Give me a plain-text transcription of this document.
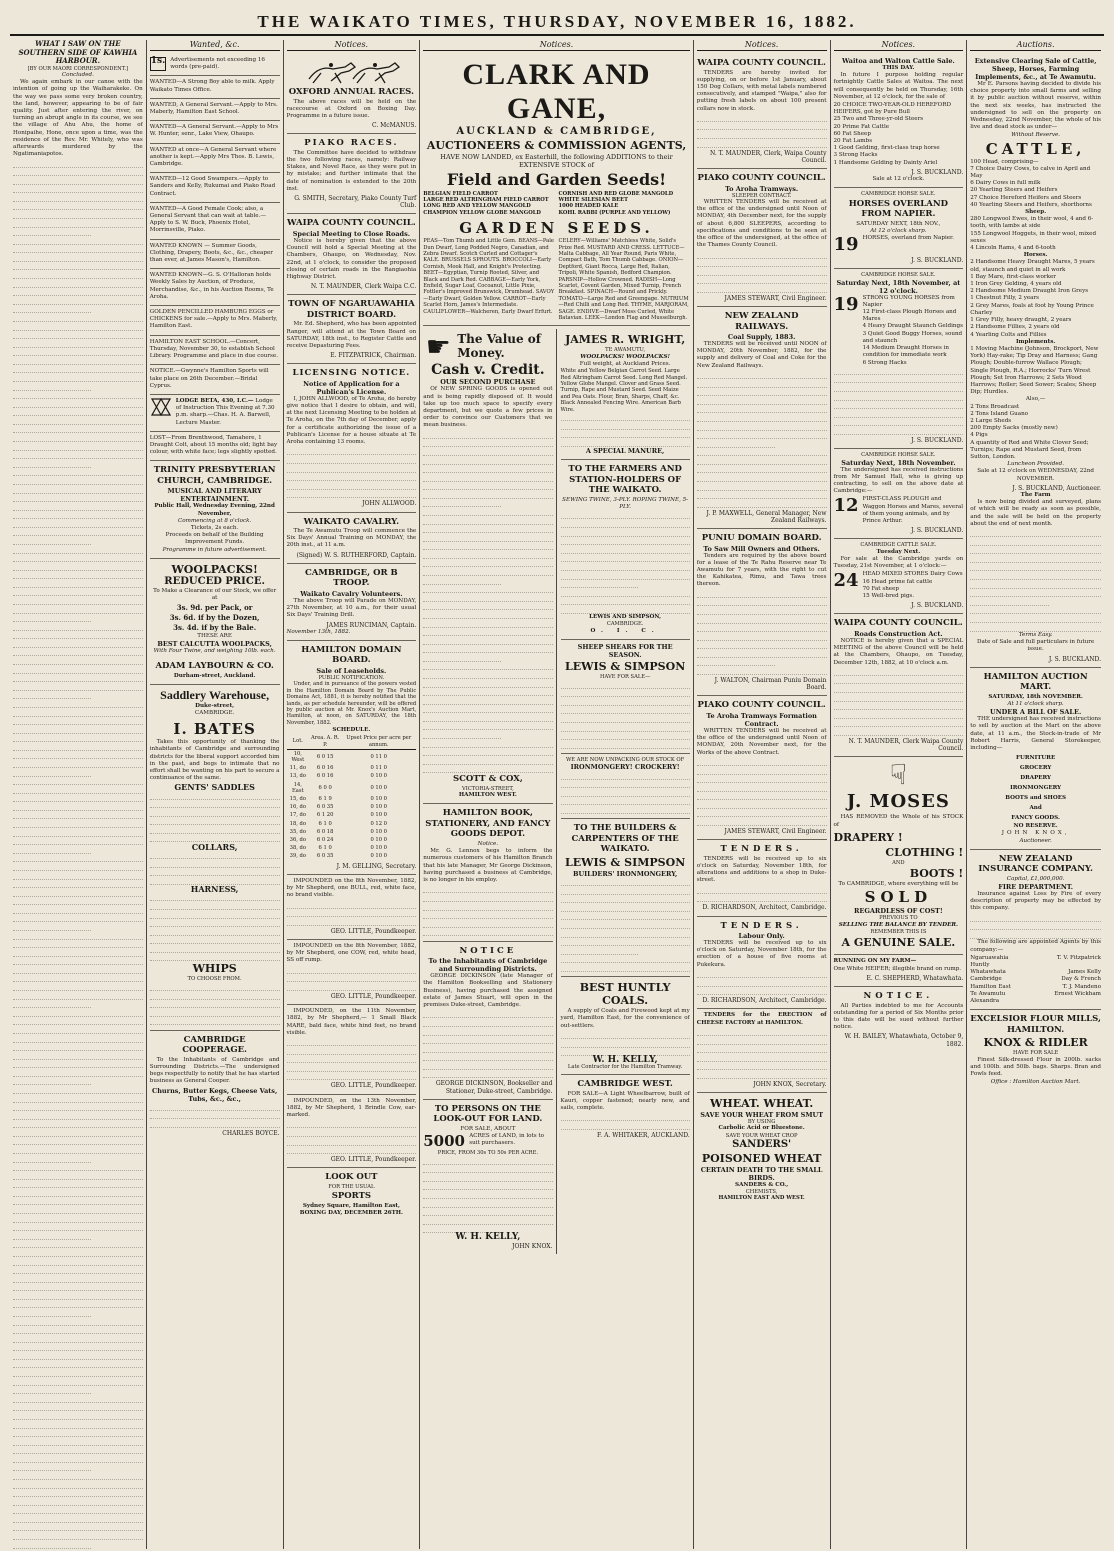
THE WAIKATO TIMES, THURSDAY, NOVEMBER 16, 1882.
WHAT I SAW ON THE SOUTHERN SIDE OF KAWHIA HARBOUR.
[BY OUR MAORI CORRESPONDENT.]
Concluded.
We again embark in our canoe with the intention of going up the Waiharakeke. On the way we pass some very broken country, the land, however, appearing to be of fair quality. Just after entering the river, on turning an abrupt angle in its course, we see the village of Ahu Ahu, the home of Honipaihe, Hone, once upon a time, was the residence of the Rev. Mr. Whitely, who was afterwards murdered by the Ngatimaniapotos.
Wanted, &c.
1s. Advertisements not exceeding 16 words (pre-paid).
WANTED—A Strong Boy able to milk. Apply Waikato Times Office.
WANTED, A General Servant.—Apply to Mrs. Maberly, Hamilton East School.
WANTED—A General Servant.—Apply to Mrs W. Hunter, senr., Lake View, Ohaupo.
WANTED at once—A General Servant where another is kept.—Apply Mrs Thos. B. Lewis, Cambridge.
WANTED—12 Good Swampers.—Apply to Sanders and Kelly, Rukumai and Piako Road Contract.
WANTED—A Good Female Cook; also, a General Servant that can wait at table.—Apply to S. W. Buck, Phoenix Hotel, Morrinsville, Piako.
WANTED KNOWN — Summer Goods, Clothing, Drapery, Boots, &c., &c., cheaper than ever, at James Mason's, Hamilton.
WANTED KNOWN—G. S. O'Halloran holds Weekly Sales by Auction, of Produce, Merchandise, &c., in his Auction Rooms, Te Aroha.
GOLDEN PENCILLED HAMBURG EGGS or CHICKENS for sale.—Apply to Mrs. Maberly, Hamilton East.
HAMILTON EAST SCHOOL.—Concert, Thursday, November 30, to establish School Library. Programme and place in due course.
NOTICE.—Gwynne's Hamilton Sports will take place on 26th December.—Bridal Cyprus.
LODGE BETA, 430, I.C.— Lodge of Instruction This Evening at 7.30 p.m. sharp.—Chas. H. A. Barwell, Lecture Master.
LOST—From Brenthwood, Tamahere, 1 Draught Colt, about 15 months old; light bay colour, with white face; legs slightly spotted.
TRINITY PRESBYTERIAN CHURCH, CAMBRIDGE.
MUSICAL AND LITERARY ENTERTAINMENT.
Public Hall, Wednesday Evening, 22nd November,
Commencing at 8 o'clock.
Tickets, 2s each.
Proceeds on behalf of the Building Improvement Funds.
Programme in future advertisement.
WOOLPACKS!
REDUCED PRICE.
To Make a Clearance of our Stock, we offer at
3s. 9d. per Pack, or
3s. 6d. if by the Dozen,
3s. 4d. if by the Bale.
THESE ARE
BEST CALCUTTA WOOLPACKS,
With Four Twine, and weighing 10lb. each.
ADAM LAYBOURN & CO.
Durham-street, Auckland.
Saddlery Warehouse,
Duke-street,
CAMBRIDGE.
I. BATES
Takes this opportunity of thanking the inhabitants of Cambridge and surrounding districts for the liberal support accorded him in the past, and begs to intimate that no effort shall be wanting on his part to secure a continuance of the same.
GENTS' SADDLES
COLLARS,
HARNESS,
WHIPS
TO CHOOSE FROM.
CAMBRIDGE COOPERAGE.
To the Inhabitants of Cambridge and Surrounding Districts.—The undersigned begs respectfully to notify that he has started business as General Cooper.
Churns, Butter Kegs, Cheese Vats, Tubs, &c., &c.,
CHARLES BOYCE.
Notices.
OXFORD ANNUAL RACES.
The above races will be held on the racecourse at Oxford on Boxing Day. Programme in a future issue.
C. McMANUS.
PIAKO RACES.
The Committee have decided to withdraw the two following races, namely: Railway Stakes, and Novel Race, as they were put in by mistake; and further intimate that the date of nomination is extended to the 20th inst.
G. SMITH, Secretary, Piako County Turf Club.
WAIPA COUNTY COUNCIL.
Special Meeting to Close Roads.
Notice is hereby given that the above Council will hold a Special Meeting at the Chambers, Ohaupo, on Wednesday, Nov. 22nd, at 1 o'clock, to consider the proposed closing of certain roads in the Rangiaohia Highway District.
N. T. MAUNDER, Clerk Waipa C.C.
TOWN OF NGARUAWAHIA DISTRICT BOARD.
Mr. Ed. Shepherd, who has been appointed Ranger, will attend at the Town Board on SATURDAY, 18th inst., to Register Cattle and receive Depasturing Fees.
E. FITZPATRICK, Chairman.
LICENSING NOTICE.
Notice of Application for a Publican's License.
I, JOHN ALLWOOD, of Te Aroha, do hereby give notice that I desire to obtain, and will, at the next Licensing Meeting to be holden at Te Aroha, on the 7th day of December, apply for a certificate authorizing the issue of a Publican's License for a house situate at Te Aroha containing 13 rooms.
JOHN ALLWOOD.
WAIKATO CAVALRY.
The Te Awamutu Troop will commence the Six Days' Annual Training on MONDAY, the 20th inst., at 11 a.m.
(Signed) W. S. RUTHERFORD, Captain.
CAMBRIDGE, OR B TROOP.
Waikato Cavalry Volunteers.
The above Troop will Parade on MONDAY, 27th November, at 10 a.m., for their usual Six Days' Training Drill.
JAMES RUNCIMAN, Captain.
November 13th, 1882.
HAMILTON DOMAIN BOARD.
Sale of Leaseholds.
PUBLIC NOTIFICATION.
Under, and in pursuance of the powers vested in the Hamilton Domain Board by The Public Domains Act, 1881, it is hereby notified that the lands, as per schedule hereunder, will be offered by public auction at Mr. Knox's Auction Mart, Hamilton, at noon, on SATURDAY, the 18th November, 1882.
SCHEDULE.
Lot.	Area. A. R. P.	Upset Price per acre per annum.
10, West	6 0 15	0 11 0
11, do	6 0 16	0 11 0
13, do	6 0 16	0 10 0
14, East	6 0 0	0 10 0
15, do	6 1 9	0 10 0
16, do	6 0 35	0 10 0
17, do	6 1 20	0 10 0
18, do	6 1 0	0 12 0
35, do	6 0 18	0 10 0
36, do	6 0 24	0 10 0
38, do	6 1 0	0 10 0
39, do	6 0 35	0 10 0
J. M. GELLING, Secretary.
IMPOUNDED on the 8th November, 1882, by Mr Shepherd, one BULL, red, white face, no brand visible.
GEO. LITTLE, Poundkeeper.
IMPOUNDED on the 8th November, 1882, by Mr Shepherd, one COW, red, white head, SS off rump.
GEO. LITTLE, Poundkeeper.
IMPOUNDED, on the 11th November, 1882, by Mr Shepherd,— 1 Small Black MARE, bald face, white hind feet, no brand visible.
GEO. LITTLE, Poundkeeper.
IMPOUNDED, on the 13th November, 1882, by Mr Shepherd, 1 Brindle Cow, ear-marked.
GEO. LITTLE, Poundkeeper.
LOOK OUT
FOR THE USUAL
SPORTS
Sydney Square, Hamilton East,
BOXING DAY, DECEMBER 26TH.
Notices.
CLARK AND GANE,
AUCKLAND & CAMBRIDGE,
AUCTIONEERS & COMMISSION AGENTS,
HAVE NOW LANDED, ex Easterhill, the following ADDITIONS to their EXTENSIVE STOCK of
Field and Garden Seeds!
BELGIAN FIELD CARROT
LARGE RED ALTRINGHAM FIELD CARROT
LONG RED AND YELLOW MANGOLD
CHAMPION YELLOW GLOBE MANGOLD
CORNISH AND RED GLOBE MANGOLD
WHITE SILESIAN BEET
1000 HEADED KALE
KOHL RABBI (PURPLE AND YELLOW)
GARDEN SEEDS.
PEAS—Tom Thumb and Little Gem. BEANS—Pale Dun Dwarf, Long Podded Negro, Canadian, and Zebra Dwarf. Scotch Curled and Cottager's KALE. BRUSSELS SPROUTS. BROCCOLI—Early Cornish, Mook Hall, and Knight's Protecting. BEET—Egyptian, Turnip Rooted, Silver, and Black and Dark Red. CABBAGE—Early York, Enfield, Sugar Loaf, Cocoanut, Little Pixie, Fottler's Improved Brunswick, Drumhead. SAVOY—Early Dwarf, Golden Yellow. CARROT—Early Scarlet Horn, James's Intermediate. CAULIFLOWER—Walcheren, Early Dwarf Erfurt.
CELERY—Williams' Matchless White, Solid's Prize Red. MUSTARD AND CRESS. LETTUCE—Malta Cabbage, All Year Round, Paris White, Compact Bath, Tom Thumb Cabbage. ONION—Deptford, Giant Rocca, Large Red, Italian, Tripoli, White Spanish, Bedford Champion. PARSNIP—Hollow Crowned. RADISH—Long Scarlet, Covent Garden, Mixed Turnip, French Breakfast. SPINACH—Round and Prickly. TOMATO—Large Red and Greengage. NUTRIUM—Red Chilli and Long Red. THYME, MARJORAM, SAGE. ENDIVE—Dwarf Moss Curled, White Batavian. LEEK—London Flag and Musselburgh.
☛ The Value of Money.
Cash v. Credit.
OUR SECOND PURCHASE
Of NEW SPRING GOODS is opened out and is being rapidly disposed of. It would take up too much space to specify every department, but we quote a few prices in order to convince our Customers that we mean business.
SCOTT & COX,
VICTORIA-STREET,
HAMILTON WEST.
HAMILTON BOOK, STATIONERY, AND FANCY GOODS DEPOT.
Notice.
Mr. G. Lennox begs to inform the numerous customers of his Hamilton Branch that his late Manager, Mr George Dickinson, having purchased a business at Cambridge, is no longer in his employ.
NOTICE
To the Inhabitants of Cambridge and Surrounding Districts.
GEORGE DICKINSON (late Manager of the Hamilton Bookselling and Stationery Business), having purchased the assigned estate of James Stuart, will open in the premises Duke-street, Cambridge.
GEORGE DICKINSON, Bookseller and Stationer, Duke-street, Cambridge.
TO PERSONS ON THE LOOK-OUT FOR LAND.
FOR SALE, ABOUT
5000 ACRES of LAND, in lots to suit purchasers.
PRICE, FROM 30s TO 50s PER ACRE.
W. H. KELLY,
JOHN KNOX.
JAMES R. WRIGHT,
TE AWAMUTU,
WOOLPACKS! WOOLPACKS!
Full weight, at Auckland Prices.
White and Yellow Belgian Carrot Seed. Large Red Altringham Carrot Seed. Long Red Mangel. Yellow Globe Mangel. Clover and Grass Seed. Turnip, Rape and Mustard Seed. Seed Maize and Pea Oats. Flour, Bran, Sharps, Chaff, &c. Black Annealed Fencing Wire. American Barb Wire.
A SPECIAL MANURE,
TO THE FARMERS AND STATION-HOLDERS OF THE WAIKATO.
SEWING TWINE, 3-PLY. ROPING TWINE, 5-PLY.
LEWIS AND SIMPSON,
CAMBRIDGE.
O. I. C.
SHEEP SHEARS FOR THE SEASON.
LEWIS & SIMPSON
HAVE FOR SALE—
WE ARE NOW UNPACKING OUR STOCK OF
IRONMONGERY! CROCKERY!
TO THE BUILDERS & CARPENTERS OF THE WAIKATO.
LEWIS & SIMPSON
BUILDERS' IRONMONGERY,
BEST HUNTLY COALS.
A supply of Coals and Firewood kept at my yard, Hamilton East, for the convenience of out-settlers.
W. H. KELLY,
Late Contractor for the Hamilton Tramway.
CAMBRIDGE WEST.
FOR SALE—A Light Wheelbarrow, built of Kauri, copper fastened; nearly new, and sails, complete.
F. A. WHITAKER, AUCKLAND.
Notices.
WAIPA COUNTY COUNCIL.
TENDERS are hereby invited for supplying, on or before 1st January, about 150 Dog Collars, with metal labels numbered consecutively, and stamped "Waipa," also for putting fresh labels on about 100 present collars now in stock.
N. T. MAUNDER, Clerk, Waipa County Council.
PIAKO COUNTY COUNCIL.
To Aroha Tramways.
SLEEPER CONTRACT.
WRITTEN TENDERS will be received at the office of the undersigned until Noon of MONDAY, 4th December next, for the supply of about 6,800 SLEEPERS, according to specifications and conditions to be seen at the office of the undersigned, at the office of the Thames County Council.
JAMES STEWART, Civil Engineer.
NEW ZEALAND RAILWAYS.
Coal Supply, 1883.
TENDERS will be received until NOON of MONDAY, 20th November, 1882, for the supply and delivery of Coal and Coke for the New Zealand Railways.
J. P. MAXWELL, General Manager, New Zealand Railways.
PUNIU DOMAIN BOARD.
To Saw Mill Owners and Others.
Tenders are required by the above board for a lease of the Te Rahu Reserve near Te Awamutu for 7 years, with the right to cut the Kahikatea, Rimu, and Tawa trees thereon.
J. WALTON, Chairman Puniu Domain Board.
PIAKO COUNTY COUNCIL.
Te Aroha Tramways Formation Contract.
WRITTEN TENDERS will be received at the office of the undersigned until Noon of MONDAY, 20th November next, for the Works of the above Contract.
JAMES STEWART, Civil Engineer.
TENDERS.
TENDERS will be received up to six o'clock on Saturday, November 18th, for alterations and additions to a shop in Duke-street.
D. RICHARDSON, Architect, Cambridge.
TENDERS.
Labour Only.
TENDERS will be received up to six o'clock on Saturday, November 18th, for the erection of a house of five rooms at Pukekura.
D. RICHARDSON, Architect, Cambridge.
TENDERS for the ERECTION of CHEESE FACTORY at HAMILTON.
JOHN KNOX, Secretary.
WHEAT. WHEAT.
SAVE YOUR WHEAT FROM SMUT
BY USING
Carbolic Acid or Bluestone.
SAVE YOUR WHEAT CROP
SANDERS'
POISONED WHEAT
CERTAIN DEATH TO THE SMALL BIRDS.
SANDERS & CO.,
CHEMISTS,
HAMILTON EAST AND WEST.
Notices.
Waitoa and Walton Cattle Sale.
THIS DAY.
In future I purpose holding regular fortnightly Cattle Sales at Waitoa. The next will consequently be held on Thursday, 16th November, at 12 o'clock, for the sale of
20 CHOICE TWO-YEAR-OLD HEREFORD HEIFERS, got by Pure Bull
25 Two and Three-yr-old Steers
20 Prime Fat Cattle
60 Fat Sheep
20 Fat Lambs
1 Good Gelding, first-class trap horse
3 Strong Hacks
1 Handsome Gelding by Dainty Ariel
J. S. BUCKLAND.
Sale at 12 o'clock.
CAMBRIDGE HORSE SALE.
HORSES OVERLAND FROM NAPIER.
SATURDAY NEXT, 18th NOV.,
At 12 o'clock sharp.
19 HORSES, overland from Napier.
J. S. BUCKLAND.
CAMBRIDGE HORSE SALE.
Saturday Next, 18th November, at 12 o'clock.
19 STRONG YOUNG HORSES from Napier
12 First-class Plough Horses and Mares
4 Heavy Draught Staunch Geldings
3 Quiet Good Buggy Horses, sound and staunch
14 Medium Draught Horses in condition for immediate work
6 Strong Hacks
J. S. BUCKLAND.
CAMBRIDGE HORSE SALE.
Saturday Next, 18th November.
The undersigned has received instructions from Mr Samuel Hall, who is giving up contracting, to sell on the above date at Cambridge:—
12 FIRST-CLASS PLOUGH and Waggon Horses and Mares, several of them young animals, and by Prince Arthur.
J. S. BUCKLAND.
CAMBRIDGE CATTLE SALE.
Tuesday Next.
For sale at the Cambridge yards on Tuesday, 21st November, at 1 o'clock:—
24 HEAD MIXED STORES Dairy Cows
16 Head prime fat cattle
70 Fat sheep
15 Well-bred pigs.
J. S. BUCKLAND.
WAIPA COUNTY COUNCIL.
Roads Construction Act.
NOTICE is hereby given that a SPECIAL MEETING of the above Council will be held at the Chambers, Ohaupo, on Tuesday, December 12th, 1882, at 10 o'clock a.m.
N. T. MAUNDER, Clerk Waipa County Council.
☟
J. MOSES
HAS REMOVED the Whole of his STOCK of
DRAPERY !
CLOTHING !
AND
BOOTS !
To CAMBRIDGE, where everything will be
SOLD
REGARDLESS OF COST!
PREVIOUS TO
SELLING THE BALANCE BY TENDER.
REMEMBER THIS IS
A GENUINE SALE.
RUNNING ON MY FARM—
One White HEIFER; illegible brand on rump.
E. C. SHEPHERD, Whatawhata.
NOTICE.
All Parties indebted to me for Accounts outstanding for a period of Six Months prior to this date will be sued without further notice.
W. H. BAILEY, Whatawhata, October 9, 1882.
Auctions.
Extensive Clearing Sale of Cattle, Sheep, Horses, Farming Implements, &c., at Te Awamutu.
Mr E. Parsons having decided to divide his choice property into small farms and selling it by public auction without reserve, within the next six weeks, has instructed the undersigned to sell on the property on Wednesday, 22nd November, the whole of his live and dead stock as under—
Without Reserve.
CATTLE,
100 Head, comprising—
7 Choice Dairy Cows, to calve in April and May
6 Dairy Cows in full milk
20 Yearling Steers and Heifers
27 Choice Hereford Heifers and Steers
40 Yearling Steers and Heifers, shorthorns
Sheep.
280 Longwool Ewes, in their wool, 4 and 6-tooth, with lambs at side
155 Longwool Hoggets, in their wool, mixed sexes
4 Lincoln Rams, 4 and 6-tooth
Horses.
2 Handsome Heavy Draught Mares, 5 years old, staunch and quiet in all work
1 Bay Mare, first-class worker
1 Iron Grey Gelding, 4 years old
2 Handsome Medium Draught Iron Greys
1 Chestnut Filly, 2 years
2 Grey Mares, foals at foot by Young Prince Charley
1 Grey Filly, heavy draught, 2 years
2 Handsome Fillies, 2 years old
4 Yearling Colts and Fillies
Implements.
1 Moving Machine (Johnson, Brockport, New York) Hay-rake; Tip Dray and Harness; Gang Plough; Double-furrow Wallace Plough; Single Plough, R.A.; Horrocks' Turn Wrest Plough; Set Iron Harrows; 2 Sets Wood Harrows; Roller; Seed Sower; Scales; Sheep Dip; Hurdles.
Also,—
2 Tons Broadcast
2 Tons Island Guano
2 Large Sheds
200 Empty Sacks (mostly new)
4 Pigs
A quantity of Red and White Clover Seed; Turnips; Rape and Mustard Seed, from Sutton, London.
Luncheon Provided.
Sale at 12 o'clock on WEDNESDAY, 22nd NOVEMBER.
J. S. BUCKLAND, Auctioneer.
The Farm
Is now being divided and surveyed, plans of which will be ready as soon as possible, and the sale will be held on the property about the end of next month.
Terms Easy.
Date of Sale and full particulars in future issue.
J. S. BUCKLAND.
HAMILTON AUCTION MART.
SATURDAY, 18th NOVEMBER.
At 11 o'clock sharp.
UNDER A BILL OF SALE.
THE undersigned has received instructions to sell by auction at the Mart on the above date, at 11 a.m., the Stock-in-trade of Mr Robert Harris, General Storekeeper, including—
FURNITURE
GROCERY
DRAPERY
IRONMONGERY
BOOTS and SHOES
And
FANCY GOODS.
NO RESERVE.
JOHN KNOX,
Auctioneer.
NEW ZEALAND INSURANCE COMPANY.
Capital, £1,000,000.
FIRE DEPARTMENT.
Insurance against Loss by Fire of every description of property may be effected by this company.
The following are appointed Agents by this company:—
Ngaruawahia	T. V. Fitzpatrick
Huntly
Whatawhata	James Kelly
Cambridge	Day & French
Hamilton East	T. J. Mandeno
Te Awamutu	Ernest Wickham
Alexandra
EXCELSIOR FLOUR MILLS, HAMILTON.
KNOX & RIDLER
HAVE FOR SALE
Finest Silk-dressed Flour in 200lb. sacks and 100lb. and 50lb. bags. Sharps. Bran and Fowls feed.
Office : Hamilton Auction Mart.
